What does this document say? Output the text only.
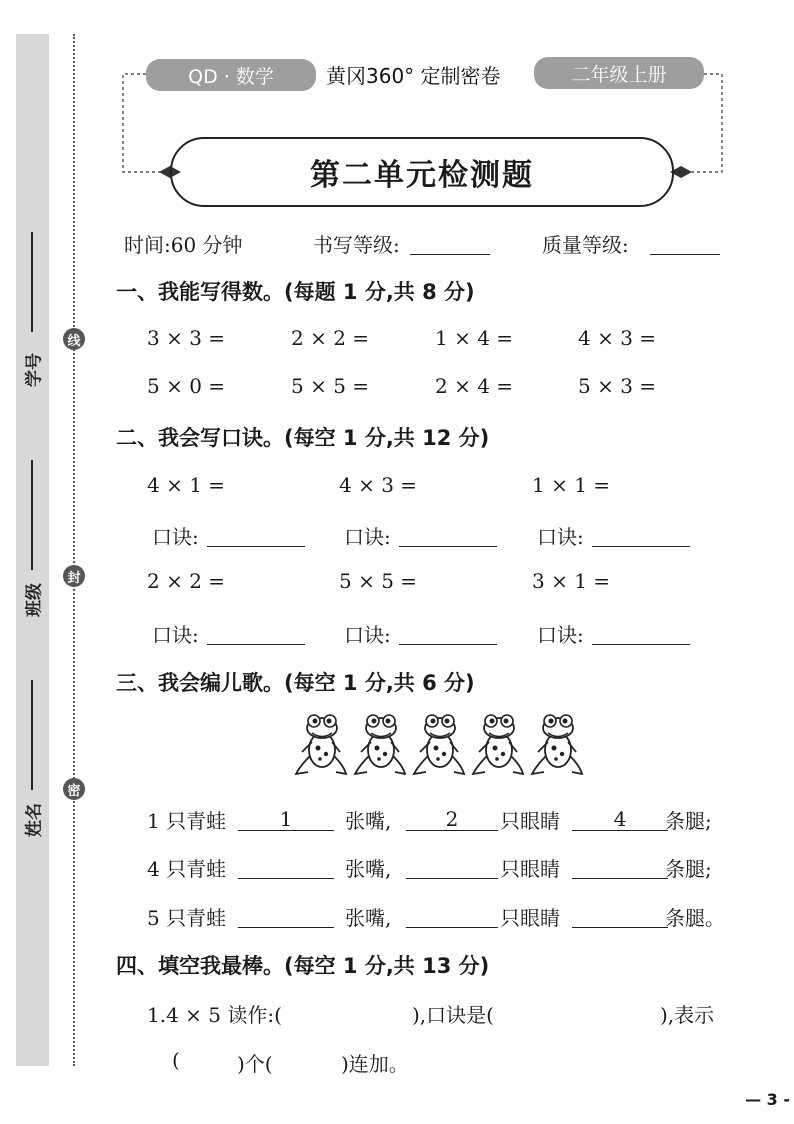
学号
班级
姓名
线
封
密
QD · 数学	黄冈360° 定制密卷	二年级上册
第二单元检测题
时间:60 分钟	书写等级:	质量等级:
一、我能写得数。(每题 1 分,共 8 分)
3 × 3 =	2 × 2 =	1 × 4 =	4 × 3 =
5 × 0 =	5 × 5 =	2 × 4 =	5 × 3 =
二、我会写口诀。(每空 1 分,共 12 分)
4 × 1 =	4 × 3 =	1 × 1 =
口诀:	口诀:	口诀:
2 × 2 =	5 × 5 =	3 × 1 =
口诀:	口诀:	口诀:
三、我会编儿歌。(每空 1 分,共 6 分)
1 只青蛙	1	张嘴,	2	只眼睛	4	条腿;
4 只青蛙	张嘴,	只眼睛	条腿;
5 只青蛙	张嘴,	只眼睛	条腿。
四、填空我最棒。(每空 1 分,共 13 分)
1.4 × 5 读作:(	),口诀是(	),表示
(	)个(	)连加。
— 3 -
